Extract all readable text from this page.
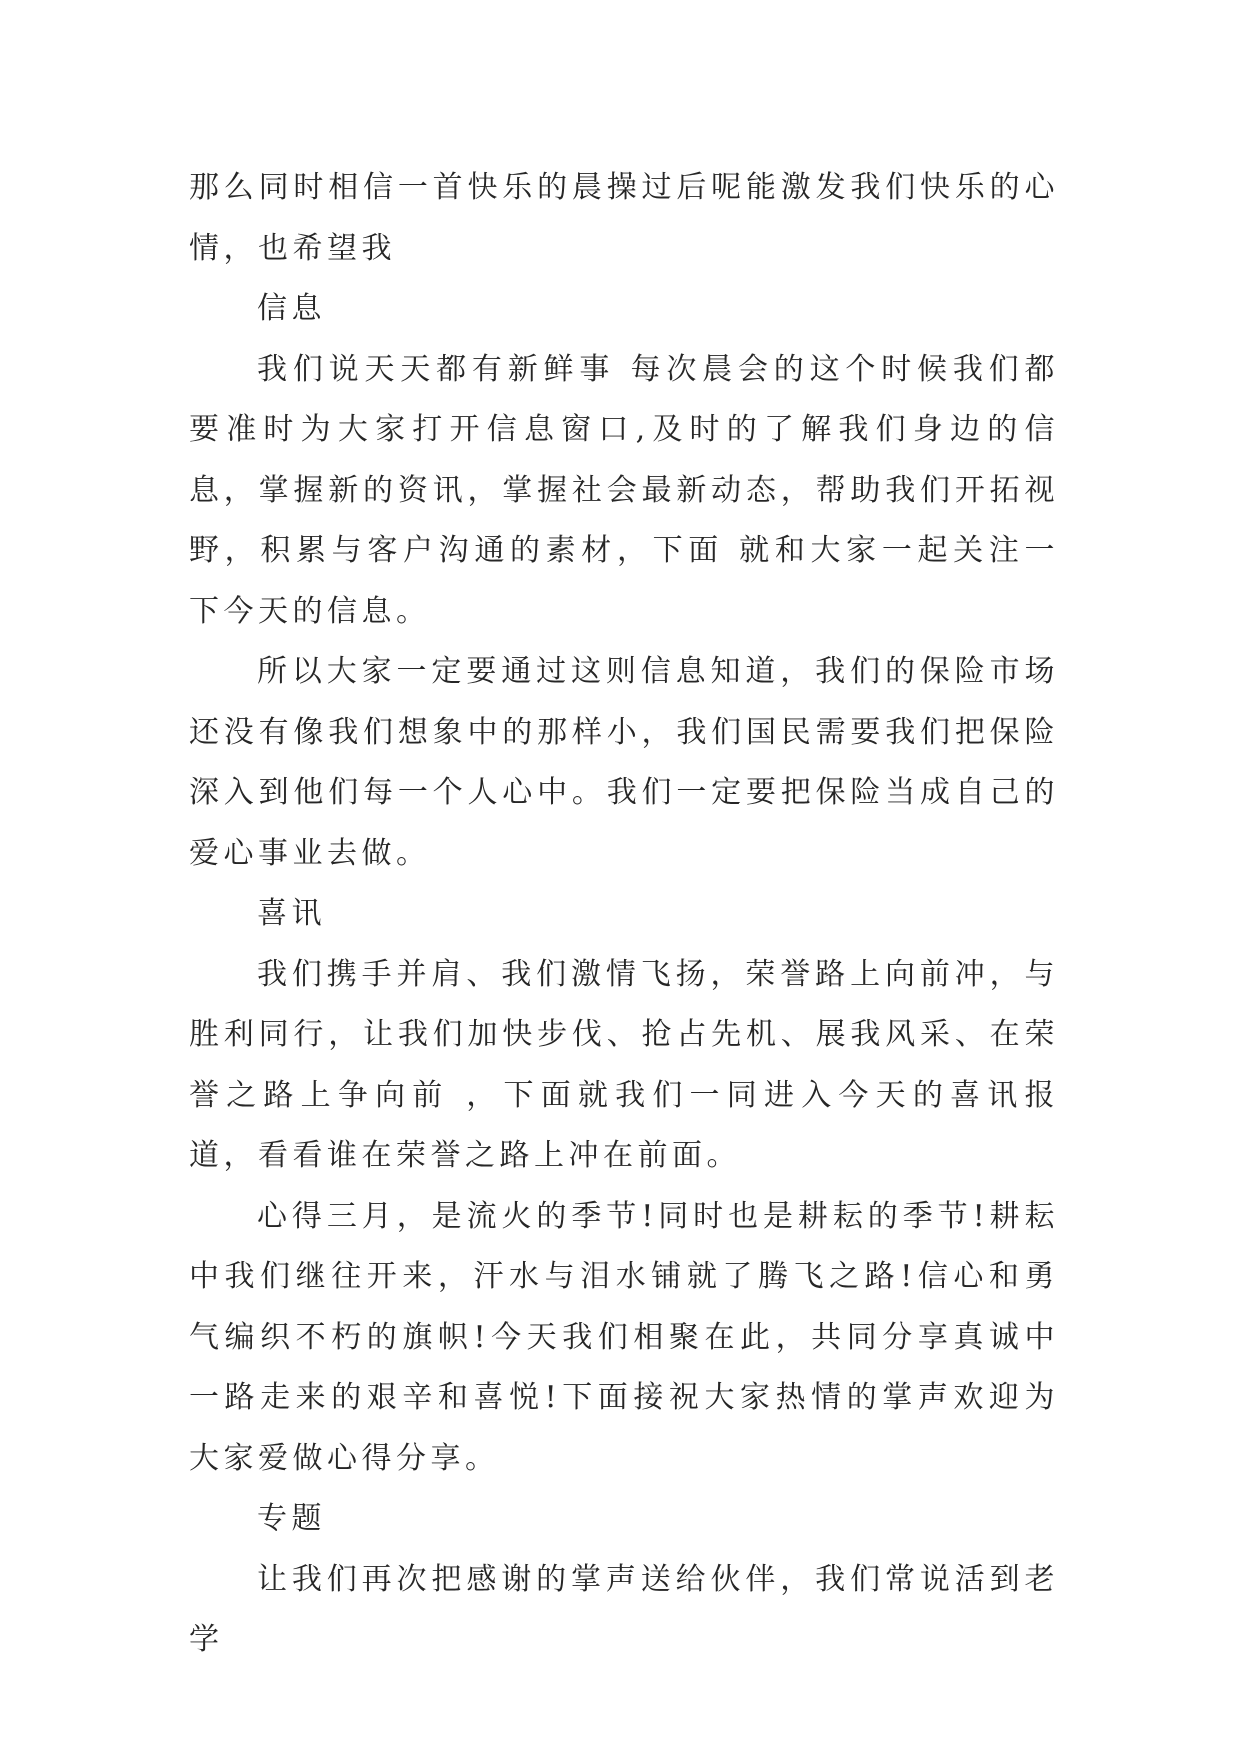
那么同时相信一首快乐的晨操过后呢能激发我们快乐的心情，也希望我

信息

我们说天天都有新鲜事 每次晨会的这个时候我们都要准时为大家打开信息窗口,及时的了解我们身边的信息，掌握新的资讯，掌握社会最新动态，帮助我们开拓视野，积累与客户沟通的素材，下面 就和大家一起关注一下今天的信息。

所以大家一定要通过这则信息知道，我们的保险市场还没有像我们想象中的那样小，我们国民需要我们把保险深入到他们每一个人心中。我们一定要把保险当成自己的爱心事业去做。

喜讯

我们携手并肩、我们激情飞扬，荣誉路上向前冲，与胜利同行，让我们加快步伐、抢占先机、展我风采、在荣誉之路上争向前 ，下面就我们一同进入今天的喜讯报道，看看谁在荣誉之路上冲在前面。

心得三月，是流火的季节!同时也是耕耘的季节!耕耘中我们继往开来，汗水与泪水铺就了腾飞之路!信心和勇气编织不朽的旗帜!今天我们相聚在此，共同分享真诚中一路走来的艰辛和喜悦!下面接祝大家热情的掌声欢迎为大家爱做心得分享。

专题

让我们再次把感谢的掌声送给伙伴，我们常说活到老学
